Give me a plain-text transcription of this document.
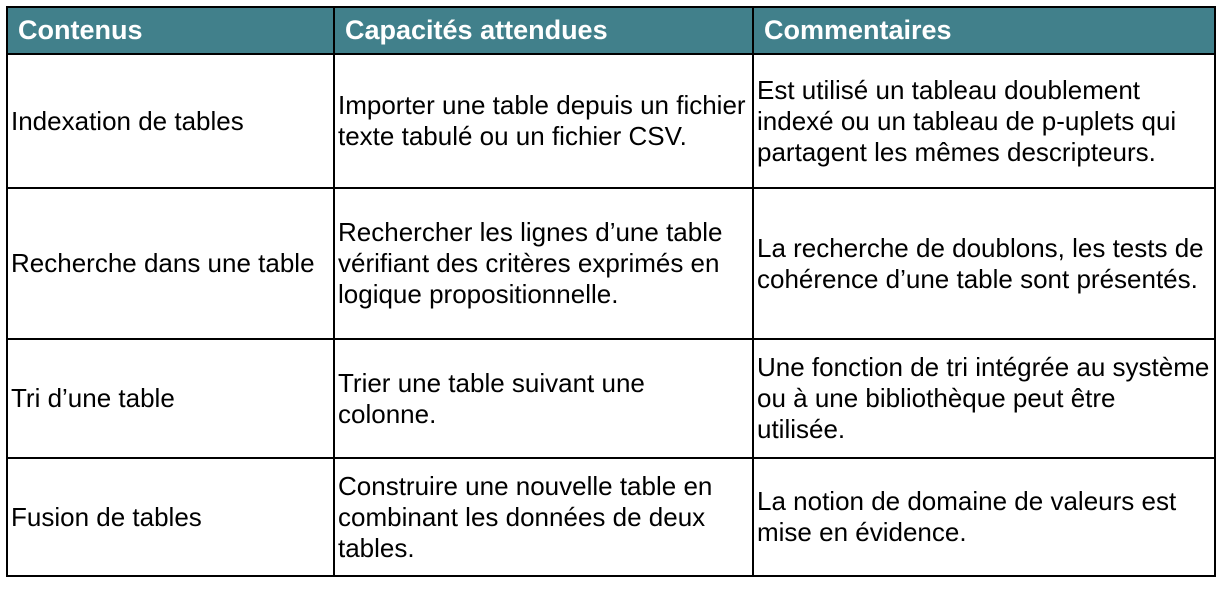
Contenus	Capacités attendues	Commentaires
Indexation de tables	Importer une table depuis un fichier texte tabulé ou un fichier CSV.	Est utilisé un tableau doublement indexé ou un tableau de p-uplets qui partagent les mêmes descripteurs.
Recherche dans une table	Rechercher les lignes d’une table vérifiant des critères exprimés en logique propositionnelle.	La recherche de doublons, les tests de cohérence d’une table sont présentés.
Tri d’une table	Trier une table suivant une colonne.	Une fonction de tri intégrée au système ou à une bibliothèque peut être utilisée.
Fusion de tables	Construire une nouvelle table en combinant les données de deux tables.	La notion de domaine de valeurs est mise en évidence.
